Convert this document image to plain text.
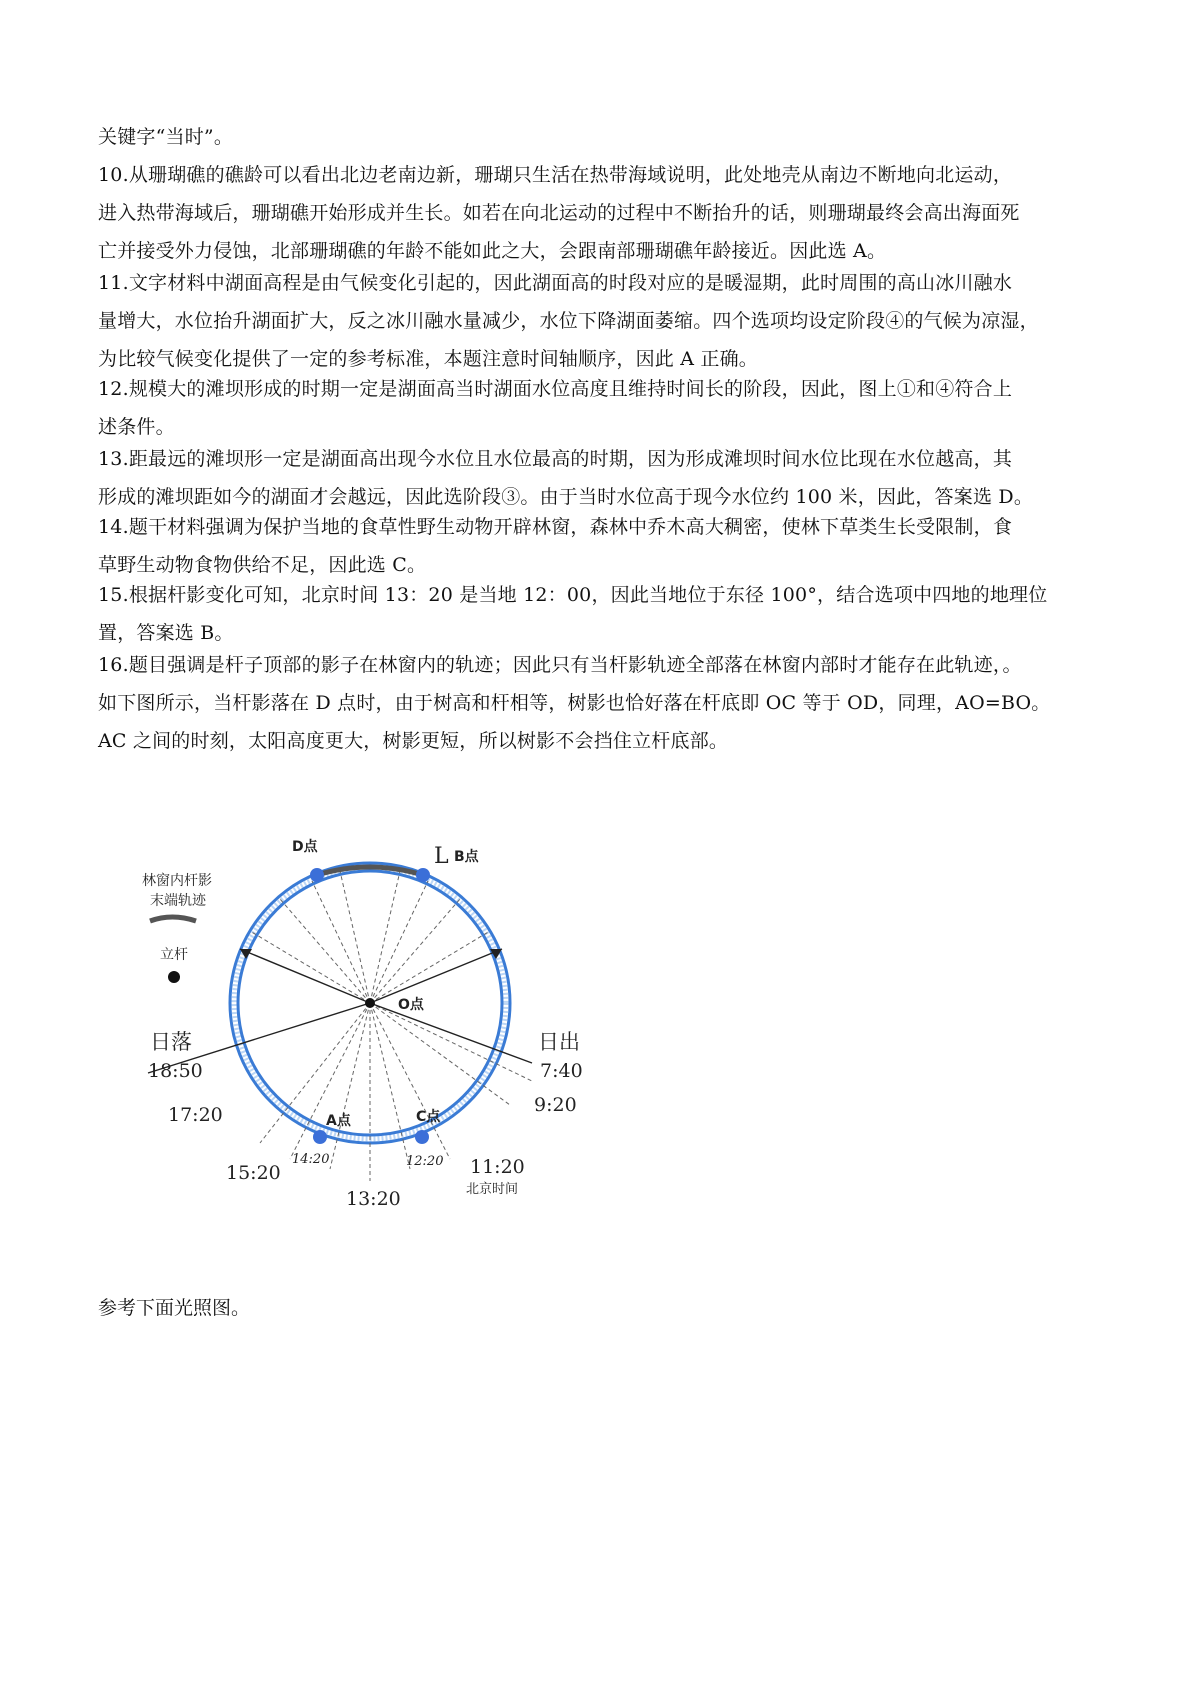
关键字“当时”。
10.从珊瑚礁的礁龄可以看出北边老南边新，珊瑚只生活在热带海域说明，此处地壳从南边不断地向北运动，
进入热带海域后，珊瑚礁开始形成并生长。如若在向北运动的过程中不断抬升的话，则珊瑚最终会高出海面死
亡并接受外力侵蚀，北部珊瑚礁的年龄不能如此之大，会跟南部珊瑚礁年龄接近。因此选 A。
11.文字材料中湖面高程是由气候变化引起的，因此湖面高的时段对应的是暖湿期，此时周围的高山冰川融水
量增大，水位抬升湖面扩大，反之冰川融水量减少，水位下降湖面萎缩。四个选项均设定阶段④的气候为凉湿，
为比较气候变化提供了一定的参考标准，本题注意时间轴顺序，因此 A 正确。
12.规模大的滩坝形成的时期一定是湖面高当时湖面水位高度且维持时间长的阶段，因此，图上①和④符合上
述条件。
13.距最远的滩坝形一定是湖面高出现今水位且水位最高的时期，因为形成滩坝时间水位比现在水位越高，其
形成的滩坝距如今的湖面才会越远，因此选阶段③。由于当时水位高于现今水位约 100 米，因此，答案选 D。
14.题干材料强调为保护当地的食草性野生动物开辟林窗，森林中乔木高大稠密，使林下草类生长受限制，食
草野生动物食物供给不足，因此选 C。
15.根据杆影变化可知，北京时间 13：20 是当地 12：00，因此当地位于东径 100°，结合选项中四地的地理位
置，答案选 B。
16.题目强调是杆子顶部的影子在林窗内的轨迹；因此只有当杆影轨迹全部落在林窗内部时才能存在此轨迹，。
如下图所示，当杆影落在 D 点时，由于树高和杆相等，树影也恰好落在杆底即 OC 等于 OD，同理，AO=BO。
AC 之间的时刻，太阳高度更大，树影更短，所以树影不会挡住立杆底部。
林窗内杆影
末端轨迹
立杆
D点	L B点
O点
A点	C点
日落
18:50
日出
7:40
17:20
15:20
14:20
13:20
12:20 11:20
北京时间
9:20
参考下面光照图。
